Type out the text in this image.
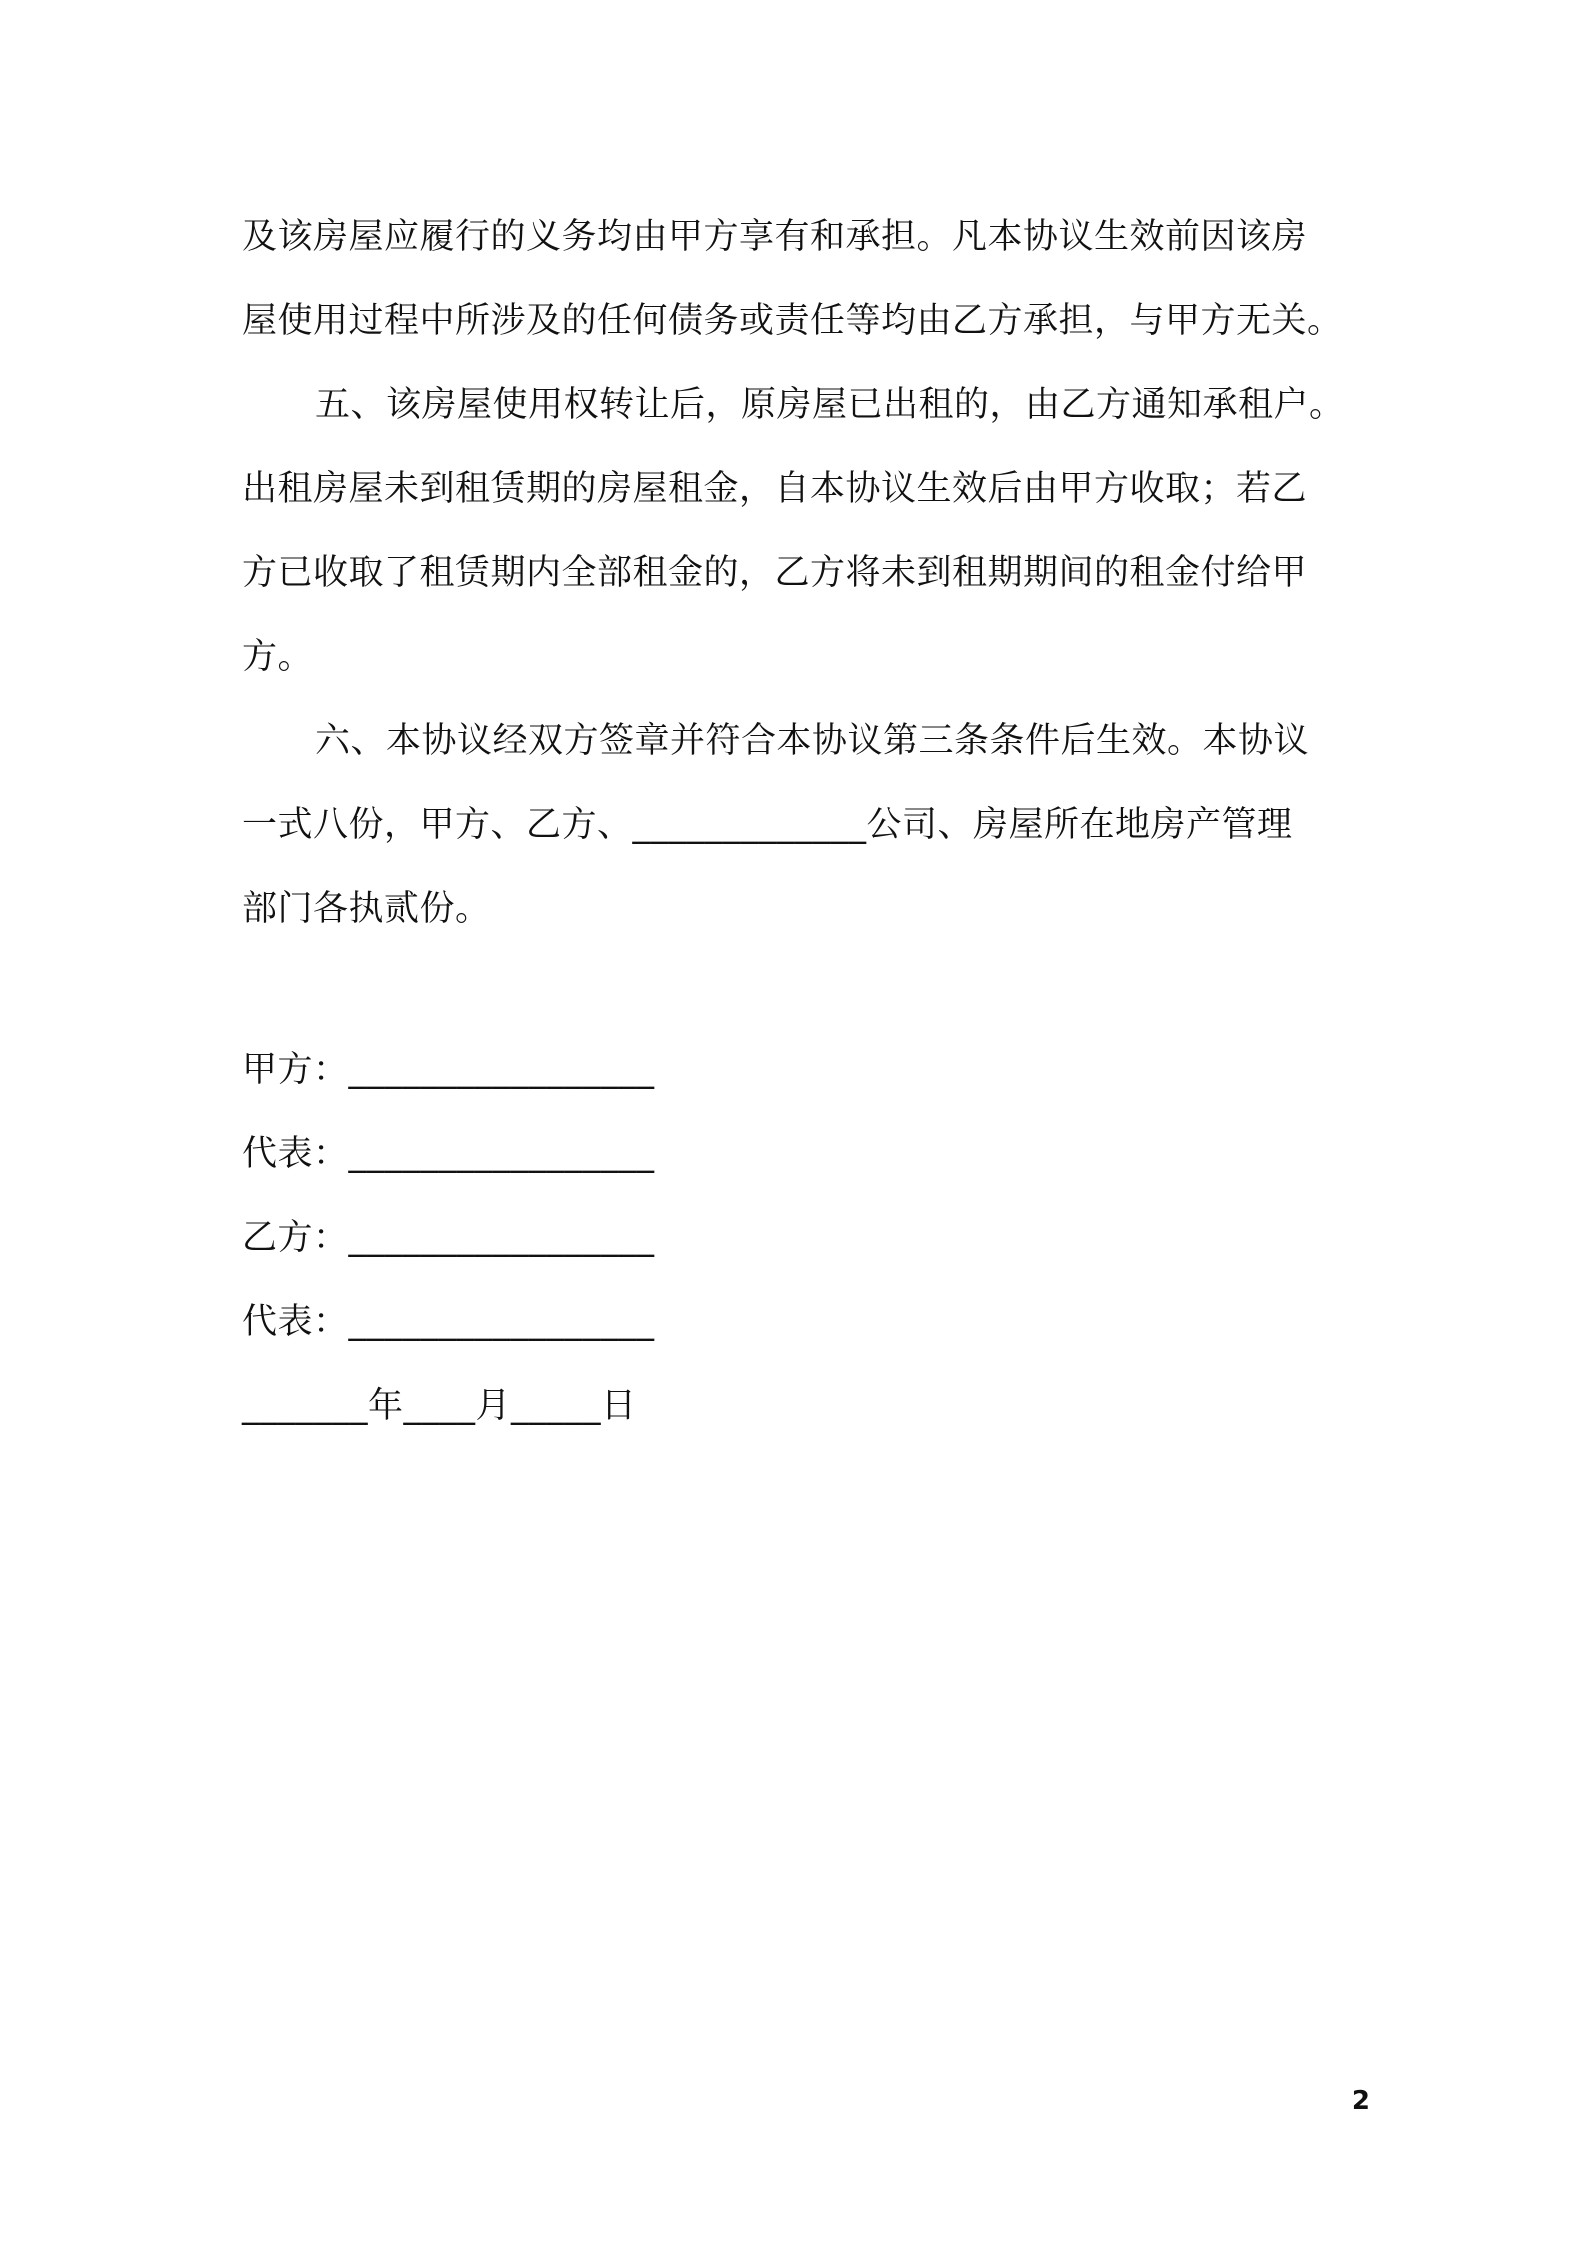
及该房屋应履行的义务均由甲方享有和承担。凡本协议生效前因该房
屋使用过程中所涉及的任何债务或责任等均由乙方承担，与甲方无关。
五、该房屋使用权转让后，原房屋已出租的，由乙方通知承租户。
出租房屋未到租赁期的房屋租金，自本协议生效后由甲方收取；若乙
方已收取了租赁期内全部租金的，乙方将未到租期期间的租金付给甲
方。
六、本协议经双方签章并符合本协议第三条条件后生效。本协议
一式八份，甲方、乙方、_____________公司、房屋所在地房产管理
部门各执贰份。
甲方：_________________
代表：_________________
乙方：_________________
代表：_________________
_______年____月_____日
2
